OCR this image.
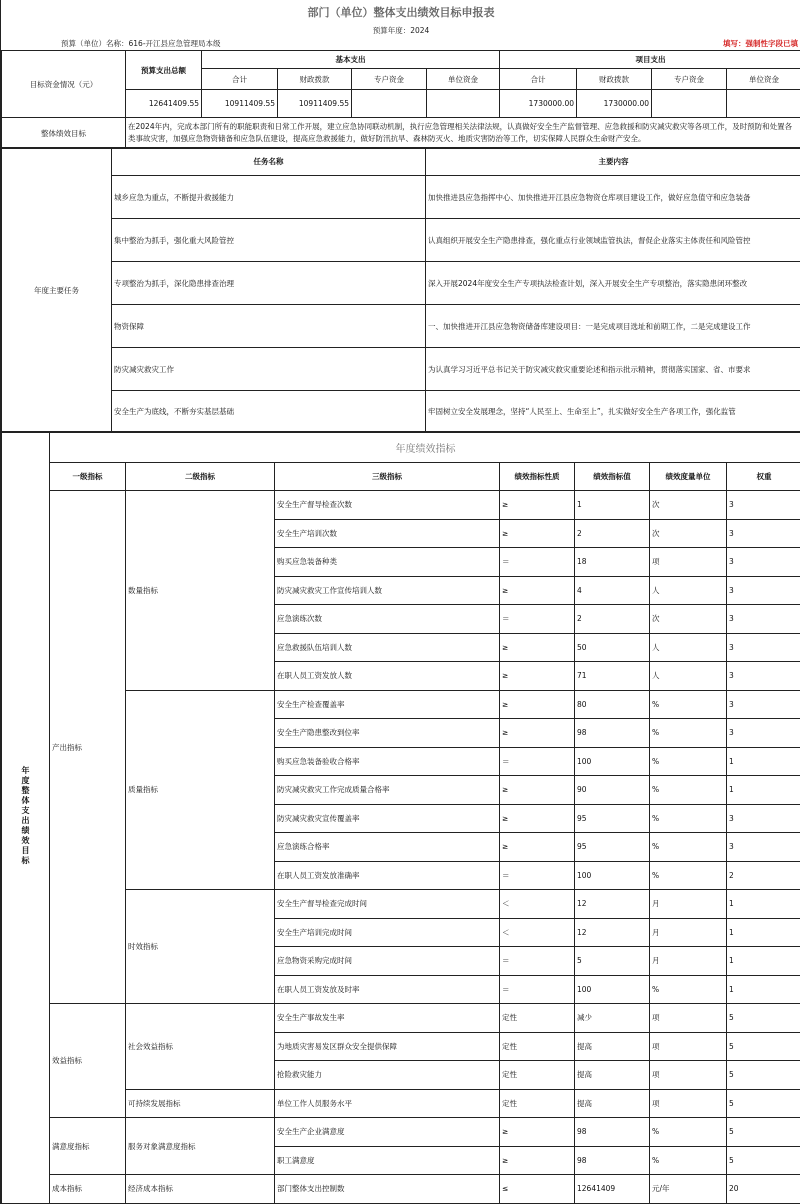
部门（单位）整体支出绩效目标申报表
预算年度：2024
预算（单位）名称：616-开江县应急管理局本级	填写：强制性字段已填
目标资金情况（元）	预算支出总额	基本支出				项目支出			
		合计	财政拨款	专户资金	单位资金	合计	财政拨款	专户资金	单位资金
	12641409.55	10911409.55	10911409.55			1730000.00	1730000.00		
整体绩效目标	在2024年内，完成本部门所有的职能职责和日常工作开展，建立应急协同联动机制，执行应急管理相关法律法规，认真做好安全生产监督管理、应急救援和防灾减灾救灾等各项工作，及时预防和处置各类事故灾害，加强应急物资储备和应急队伍建设，提高应急救援能力，做好防汛抗旱、森林防灭火、地质灾害防治等工作，切实保障人民群众生命财产安全。
年度主要任务	任务名称	主要内容
	城乡应急为重点，不断提升救援能力	加快推进县应急指挥中心、加快推进开江县应急物资仓库项目建设工作，做好应急值守和应急装备
	集中整治为抓手，强化重大风险管控	认真组织开展安全生产隐患排查，强化重点行业领域监管执法，督促企业落实主体责任和风险管控
	专项整治为抓手，深化隐患排查治理	深入开展2024年度安全生产专项执法检查计划，深入开展安全生产专项整治，落实隐患闭环整改
	物资保障	一、加快推进开江县应急物资储备库建设项目：一是完成项目选址和前期工作，二是完成建设工作
	防灾减灾救灾工作	为认真学习习近平总书记关于防灾减灾救灾重要论述和指示批示精神，贯彻落实国家、省、市要求
	安全生产为底线，不断夯实基层基础	牢固树立安全发展理念，坚持“人民至上、生命至上”，扎实做好安全生产各项工作，强化监管
年度整体支出绩效目标	年度绩效指标						
	一级指标	二级指标	三级指标	绩效指标性质	绩效指标值	绩效度量单位	权重
	产出指标	数量指标	安全生产督导检查次数	≥	1	次	3
			安全生产培训次数	≥	2	次	3
			购买应急装备种类	＝	18	项	3
			防灾减灾救灾工作宣传培训人数	≥	4	人	3
			应急演练次数	＝	2	次	3
			应急救援队伍培训人数	≥	50	人	3
			在职人员工资发放人数	≥	71	人	3
		质量指标	安全生产检查覆盖率	≥	80	%	3
			安全生产隐患整改到位率	≥	98	%	3
			购买应急装备验收合格率	＝	100	%	1
			防灾减灾救灾工作完成质量合格率	≥	90	%	1
			防灾减灾救灾宣传覆盖率	≥	95	%	3
			应急演练合格率	≥	95	%	3
			在职人员工资发放准确率	＝	100	%	2
		时效指标	安全生产督导检查完成时间	＜	12	月	1
			安全生产培训完成时间	＜	12	月	1
			应急物资采购完成时间	＝	5	月	1
			在职人员工资发放及时率	＝	100	%	1
	效益指标	社会效益指标	安全生产事故发生率	定性	减少	项	5
			为地质灾害易发区群众安全提供保障	定性	提高	项	5
			抢险救灾能力	定性	提高	项	5
		可持续发展指标	单位工作人员服务水平	定性	提高	项	5
	满意度指标	服务对象满意度指标	安全生产企业满意度	≥	98	%	5
			职工满意度	≥	98	%	5
	成本指标	经济成本指标	部门整体支出控制数	≤	12641409	元/年	20
